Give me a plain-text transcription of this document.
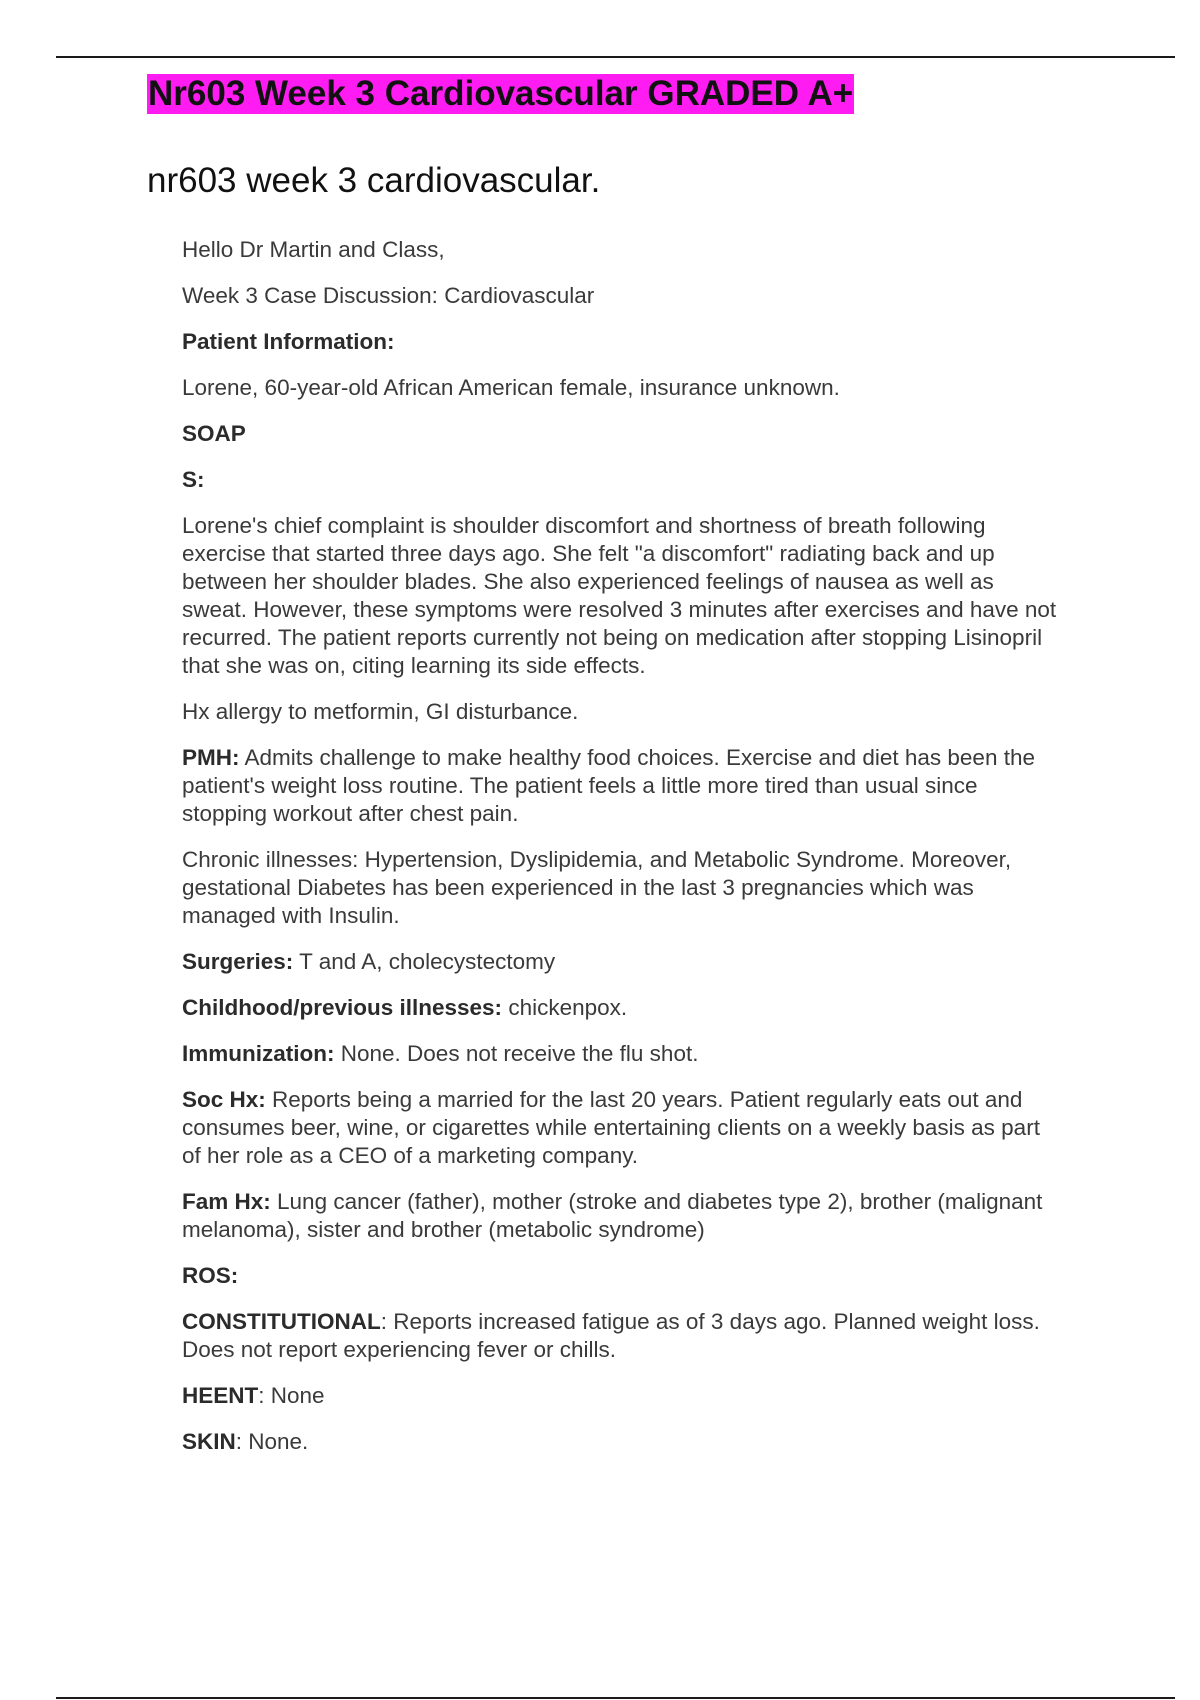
Nr603 Week 3 Cardiovascular GRADED A+
nr603 week 3 cardiovascular.

Hello Dr Martin and Class,

Week 3 Case Discussion: Cardiovascular

Patient Information:

Lorene, 60-year-old African American female, insurance unknown.

SOAP

S:

Lorene's chief complaint is shoulder discomfort and shortness of breath following exercise that started three days ago. She felt "a discomfort" radiating back and up between her shoulder blades. She also experienced feelings of nausea as well as sweat. However, these symptoms were resolved 3 minutes after exercises and have not recurred. The patient reports currently not being on medication after stopping Lisinopril that she was on, citing learning its side effects.

Hx allergy to metformin, GI disturbance.

PMH: Admits challenge to make healthy food choices. Exercise and diet has been the patient's weight loss routine. The patient feels a little more tired than usual since stopping workout after chest pain.

Chronic illnesses: Hypertension, Dyslipidemia, and Metabolic Syndrome. Moreover, gestational Diabetes has been experienced in the last 3 pregnancies which was managed with Insulin.

Surgeries: T and A, cholecystectomy

Childhood/previous illnesses: chickenpox.

Immunization: None. Does not receive the flu shot.

Soc Hx: Reports being a married for the last 20 years. Patient regularly eats out and consumes beer, wine, or cigarettes while entertaining clients on a weekly basis as part of her role as a CEO of a marketing company.

Fam Hx: Lung cancer (father), mother (stroke and diabetes type 2), brother (malignant melanoma), sister and brother (metabolic syndrome)

ROS:

CONSTITUTIONAL: Reports increased fatigue as of 3 days ago. Planned weight loss. Does not report experiencing fever or chills.

HEENT: None

SKIN: None.
